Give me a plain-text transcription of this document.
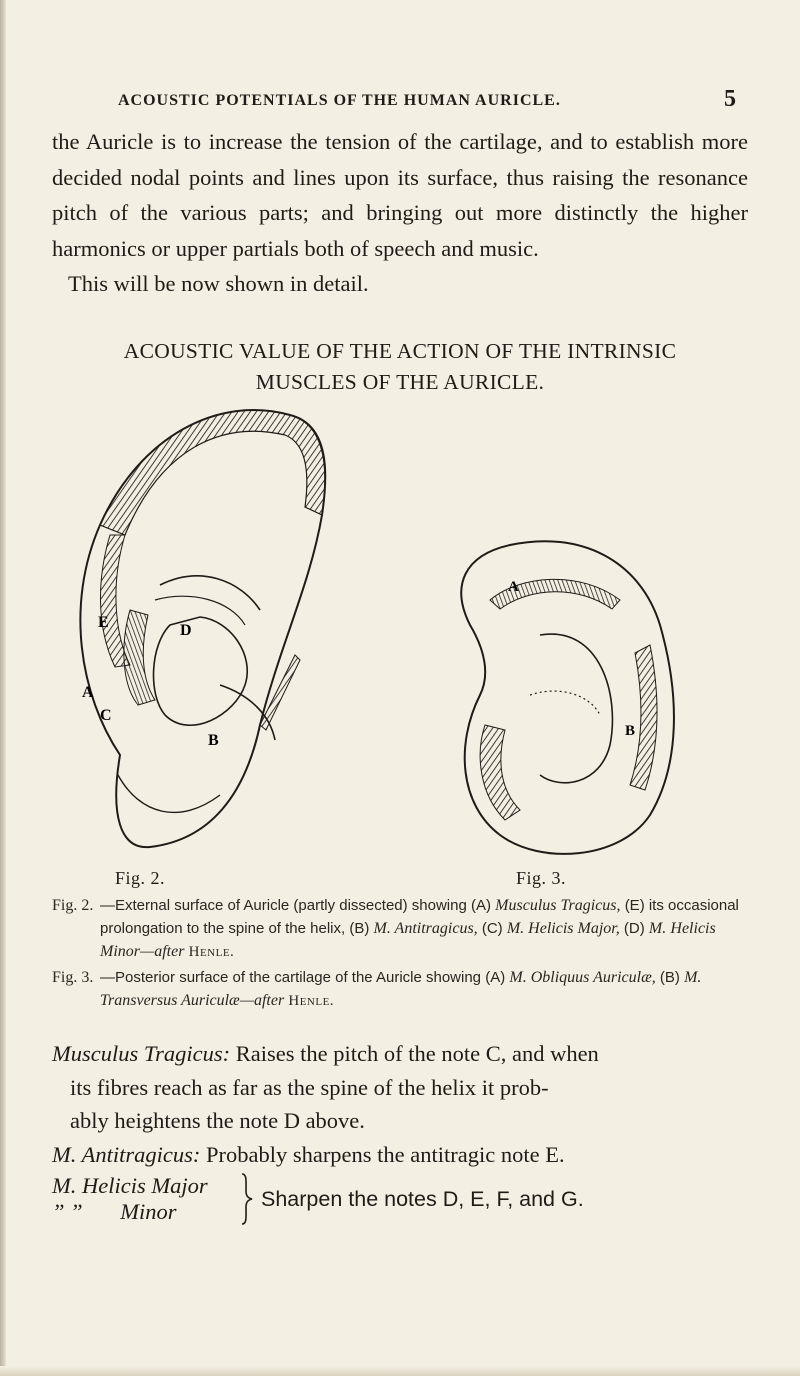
ACOUSTIC POTENTIALS OF THE HUMAN AURICLE.	5

the Auricle is to increase the tension of the cartilage, and to establish more decided nodal points and lines upon its surface, thus raising the resonance pitch of the various parts; and bringing out more distinctly the higher harmonics or upper partials both of speech and music.

This will be now shown in detail.

ACOUSTIC VALUE OF THE ACTION OF THE INTRINSIC
MUSCLES OF THE AURICLE.
E	D
A
B
C
A
B
Fig. 2.	Fig. 3.
Fig. 2. —External surface of Auricle (partly dissected) showing (A) Musculus Tragicus, (E) its occasional prolongation to the spine of the helix, (B) M. Antitragicus, (C) M. Helicis Major, (D) M. Helicis Minor—after Henle.
Fig. 3. —Posterior surface of the cartilage of the Auricle showing (A) M. Obliquus Auriculæ, (B) M. Transversus Auriculæ—after Henle.

Musculus Tragicus: Raises the pitch of the note C, and when

its fibres reach as far as the spine of the helix it prob-

ably heightens the note D above.

M. Antitragicus: Probably sharpens the antitragic note E.

M. Helicis Major
” ” Minor	Sharpen the notes D, E, F, and G.
